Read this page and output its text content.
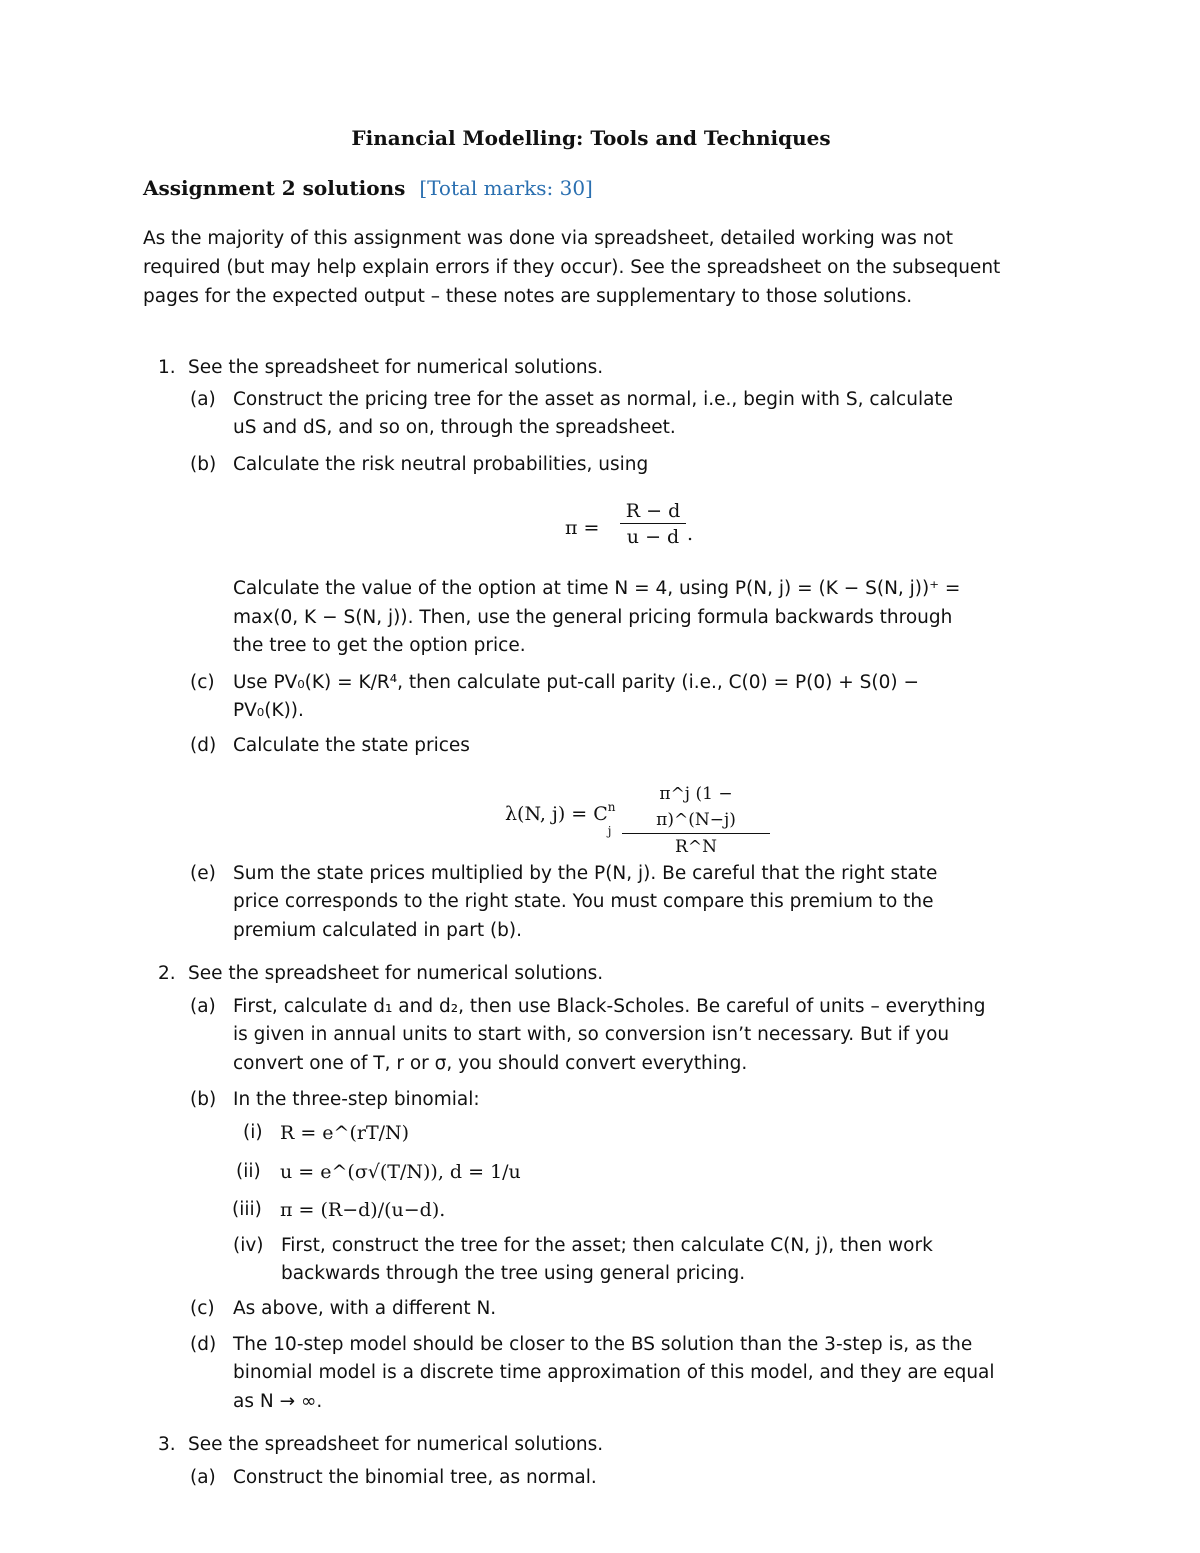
Financial Modelling: Tools and Techniques
Assignment 2 solutions [Total marks: 30]
As the majority of this assignment was done via spreadsheet, detailed working was not
required (but may help explain errors if they occur). See the spreadsheet on the subsequent
pages for the expected output – these notes are supplementary to those solutions.
1. See the spreadsheet for numerical solutions.
(a) Construct the pricing tree for the asset as normal, i.e., begin with S, calculate
uS and dS, and so on, through the spreadsheet.
(b) Calculate the risk neutral probabilities, using
$\pi = \frac{R - d}{u - d}$ .
Calculate the value of the option at time N = 4, using P(N, j) = (K − S(N, j))⁺ =
max(0, K − S(N, j)). Then, use the general pricing formula backwards through
the tree to get the option price.
(c) Use PV₀(K) = K/R⁴, then calculate put-call parity (i.e., C(0) = P(0) + S(0) −
PV₀(K)).
(d) Calculate the state prices
λ(N, j) = C n
j $\frac{\pi\^{}j (1 - \pi)\^{}(N-j)}{R\^{}N}$
(e) Sum the state prices multiplied by the P(N, j). Be careful that the right state
price corresponds to the right state. You must compare this premium to the
premium calculated in part (b).
2. See the spreadsheet for numerical solutions.
(a) First, calculate d₁ and d₂, then use Black-Scholes. Be careful of units – everything
is given in annual units to start with, so conversion isn’t necessary. But if you
convert one of T, r or σ, you should convert everything.
(b) In the three-step binomial:
(i) R = e^(rT/N)
(ii) u = e^(σ√(T/N)), d = 1/u
(iii) π = (R−d)/(u−d).
(iv) First, construct the tree for the asset; then calculate C(N, j), then work
backwards through the tree using general pricing.
(c) As above, with a different N.
(d) The 10-step model should be closer to the BS solution than the 3-step is, as the
binomial model is a discrete time approximation of this model, and they are equal
as N → ∞.
3. See the spreadsheet for numerical solutions.
(a) Construct the binomial tree, as normal.
